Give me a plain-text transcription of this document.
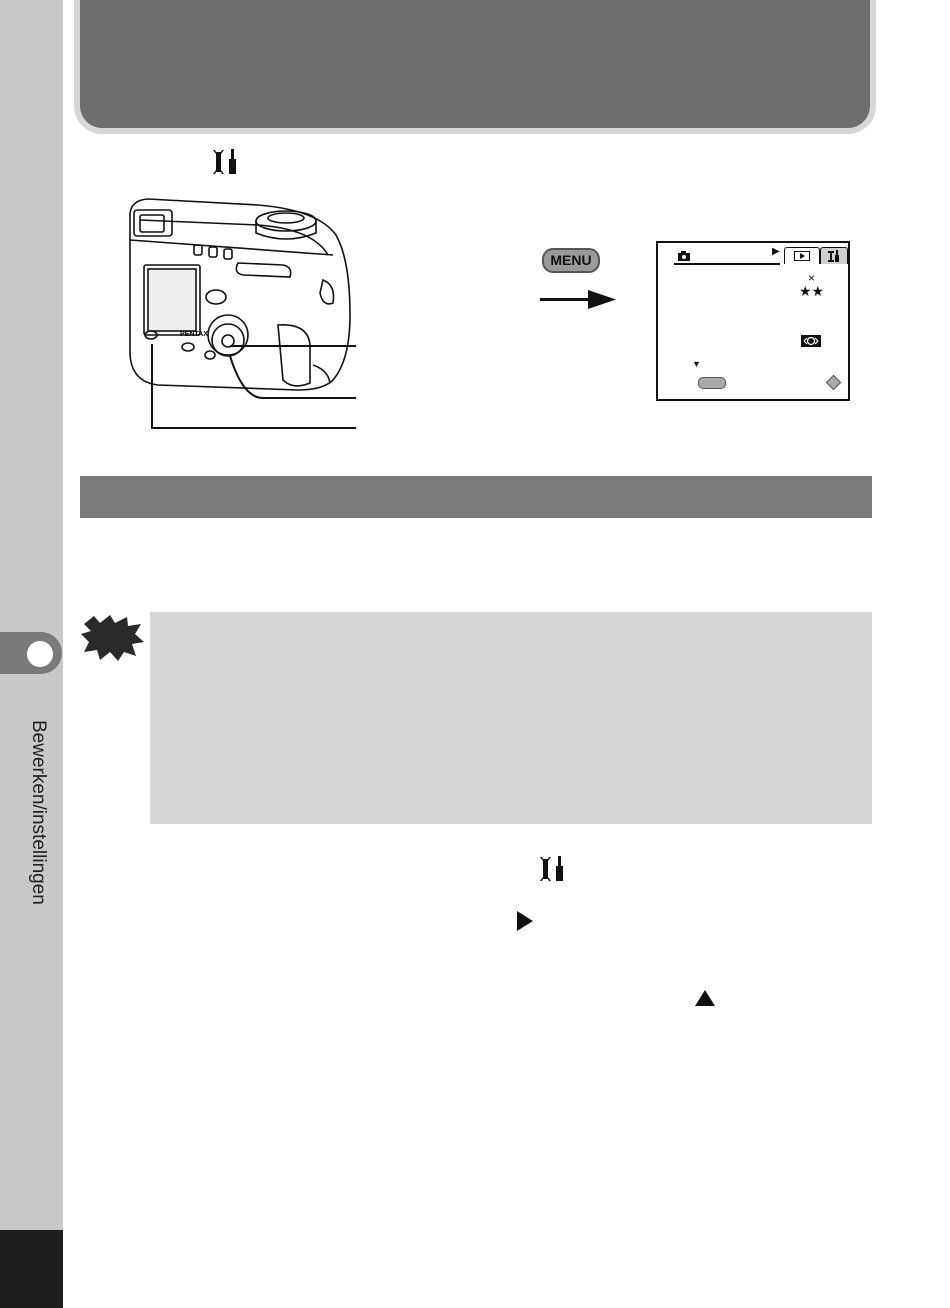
Bewerken/instellingen
PENTAX
MENU
▶
×
★★
▼
